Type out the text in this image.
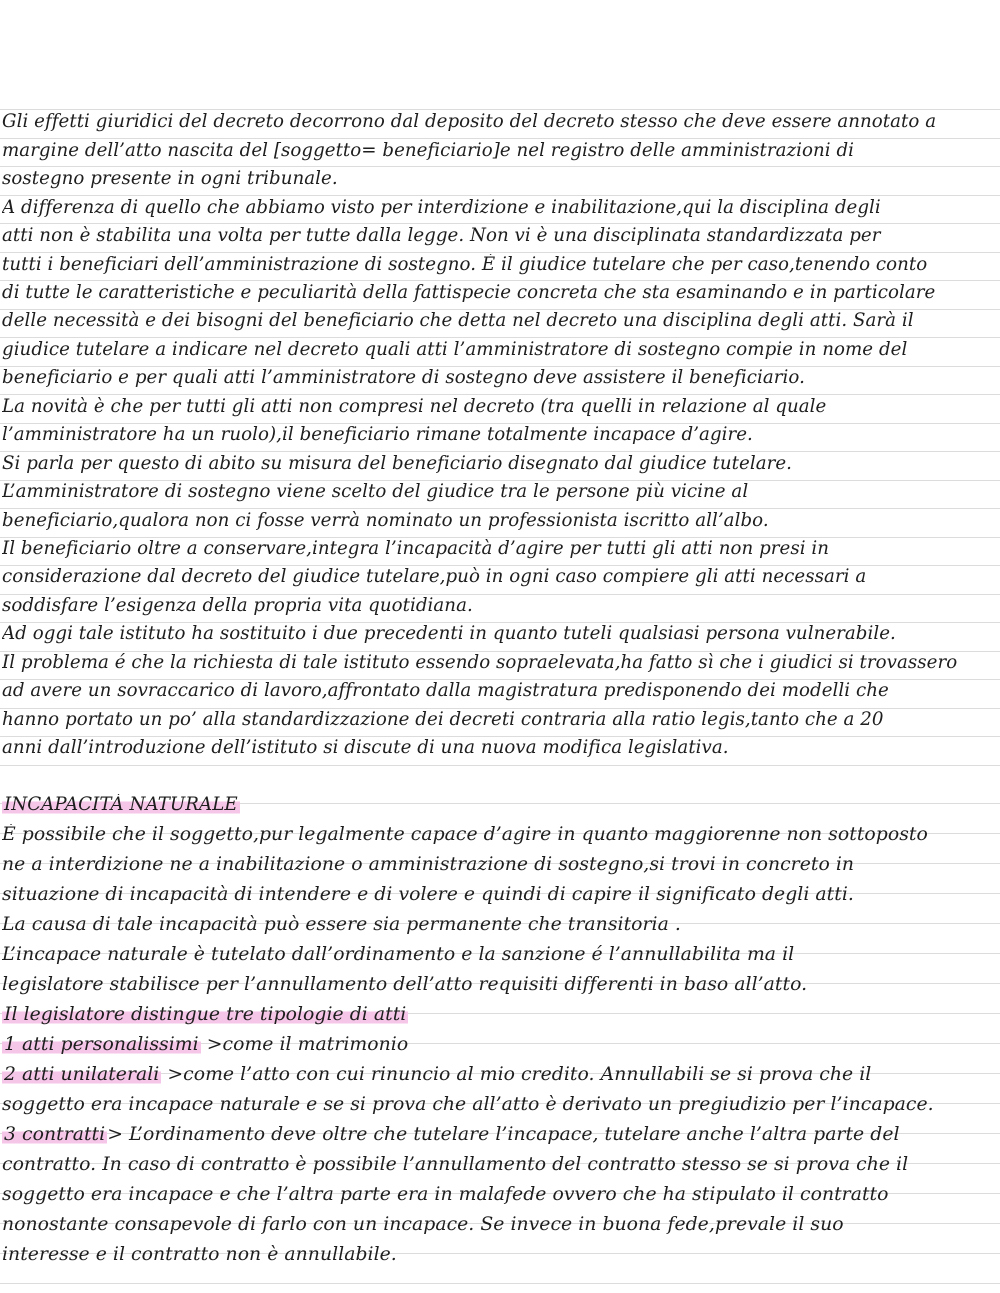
Gli effetti giuridici del decreto decorrono dal deposito del decreto stesso che deve essere annotato a
margine dell’atto nascita del [soggetto= beneficiario]e nel registro delle amministrazioni di
sostegno presente in ogni tribunale.
A differenza di quello che abbiamo visto per interdizione e inabilitazione,qui la disciplina degli
atti non è stabilita una volta per tutte dalla legge. Non vi è una disciplinata standardizzata per
tutti i beneficiari dell’amministrazione di sostegno. È il giudice tutelare che per caso,tenendo conto
di tutte le caratteristiche e peculiarità della fattispecie concreta che sta esaminando e in particolare
delle necessità e dei bisogni del beneficiario che detta nel decreto una disciplina degli atti. Sarà il
giudice tutelare a indicare nel decreto quali atti l’amministratore di sostegno compie in nome del
beneficiario e per quali atti l’amministratore di sostegno deve assistere il beneficiario.
La novità è che per tutti gli atti non compresi nel decreto (tra quelli in relazione al quale
l’amministratore ha un ruolo),il beneficiario rimane totalmente incapace d’agire.
Si parla per questo di abito su misura del beneficiario disegnato dal giudice tutelare.
L’amministratore di sostegno viene scelto del giudice tra le persone più vicine al
beneficiario,qualora non ci fosse verrà nominato un professionista iscritto all’albo.
Il beneficiario oltre a conservare,integra l’incapacità d’agire per tutti gli atti non presi in
considerazione dal decreto del giudice tutelare,può in ogni caso compiere gli atti necessari a
soddisfare l’esigenza della propria vita quotidiana.
Ad oggi tale istituto ha sostituito i due precedenti in quanto tuteli qualsiasi persona vulnerabile.
Il problema é che la richiesta di tale istituto essendo sopraelevata,ha fatto sì che i giudici si trovassero
ad avere un sovraccarico di lavoro,affrontato dalla magistratura predisponendo dei modelli che
hanno portato un po’ alla standardizzazione dei decreti contraria alla ratio legis,tanto che a 20
anni dall’introduzione dell’istituto si discute di una nuova modifica legislativa.
INCAPACITÀ NATURALE
È possibile che il soggetto,pur legalmente capace d’agire in quanto maggiorenne non sottoposto
ne a interdizione ne a inabilitazione o amministrazione di sostegno,si trovi in concreto in
situazione di incapacità di intendere e di volere e quindi di capire il significato degli atti.
La causa di tale incapacità può essere sia permanente che transitoria .
L’incapace naturale è tutelato dall’ordinamento e la sanzione é l’annullabilita ma il
legislatore stabilisce per l’annullamento dell’atto requisiti differenti in baso all’atto.
Il legislatore distingue tre tipologie di atti
1 atti personalissimi >come il matrimonio
2 atti unilaterali >come l’atto con cui rinuncio al mio credito. Annullabili se si prova che il
soggetto era incapace naturale e se si prova che all’atto è derivato un pregiudizio per l’incapace.
3 contratti > L’ordinamento deve oltre che tutelare l’incapace, tutelare anche l’altra parte del
contratto. In caso di contratto è possibile l’annullamento del contratto stesso se si prova che il
soggetto era incapace e che l’altra parte era in malafede ovvero che ha stipulato il contratto
nonostante consapevole di farlo con un incapace. Se invece in buona fede,prevale il suo
interesse e il contratto non è annullabile.
